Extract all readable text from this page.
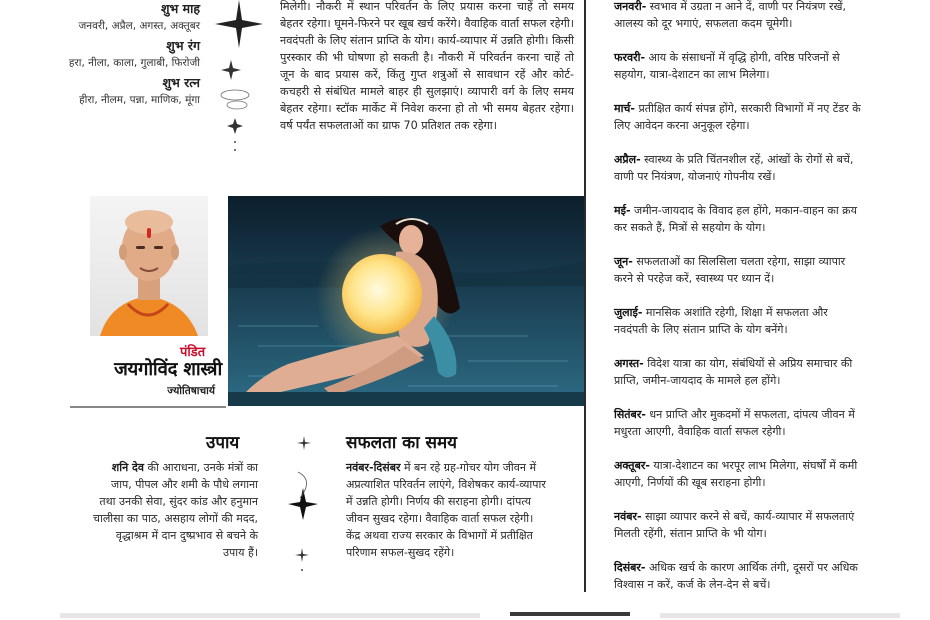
शुभ माह
जनवरी, अप्रैल, अगस्त, अक्तूबर
शुभ रंग
हरा, नीला, काला, गुलाबी, फिरोजी
शुभ रत्न
हीरा, नीलम, पन्ना, माणिक, मूंगा
मिलेगी। नौकरी में स्थान परिवर्तन के लिए प्रयास करना चाहें तो समय बेहतर रहेगा। घूमने-फिरने पर खूब खर्च करेंगे। वैवाहिक वार्ता सफल रहेगी। नवदंपती के लिए संतान प्राप्ति के योग। कार्य-व्यापार में उन्नति होगी। किसी पुरस्कार की भी घोषणा हो सकती है। नौकरी में परिवर्तन करना चाहें तो जून के बाद प्रयास करें, किंतु गुप्त शत्रुओं से सावधान रहें और कोर्ट-कचहरी से संबंधित मामले बाहर ही सुलझाएं। व्यापारी वर्ग के लिए समय बेहतर रहेगा। स्टॉक मार्केट में निवेश करना हो तो भी समय बेहतर रहेगा। वर्ष पर्यंत सफलताओं का ग्राफ 70 प्रतिशत तक रहेगा।
जनवरी- स्वभाव में उग्रता न आने दें, वाणी पर नियंत्रण रखें, आलस्य को दूर भगाएं, सफलता कदम चूमेगी।
फरवरी- आय के संसाधनों में वृद्धि होगी, वरिष्ठ परिजनों से सहयोग, यात्रा-देशाटन का लाभ मिलेगा।
मार्च- प्रतीक्षित कार्य संपन्न होंगे, सरकारी विभागों में नए टेंडर के लिए आवेदन करना अनुकूल रहेगा।
अप्रैल- स्वास्थ्य के प्रति चिंतनशील रहें, आंखों के रोगों से बचें, वाणी पर नियंत्रण, योजनाएं गोपनीय रखें।
मई- जमीन-जायदाद के विवाद हल होंगे, मकान-वाहन का क्रय कर सकते हैं, मित्रों से सहयोग के योग।
जून- सफलताओं का सिलसिला चलता रहेगा, साझा व्यापार करने से परहेज करें, स्वास्थ्य पर ध्यान दें।
जुलाई- मानसिक अशांति रहेगी, शिक्षा में सफलता और नवदंपती के लिए संतान प्राप्ति के योग बनेंगे।
अगस्त- विदेश यात्रा का योग, संबंधियों से अप्रिय समाचार की प्राप्ति, जमीन-जायदाद के मामले हल होंगे।
सितंबर- धन प्राप्ति और मुकदमों में सफलता, दांपत्य जीवन में मधुरता आएगी, वैवाहिक वार्ता सफल रहेगी।
अक्तूबर- यात्रा-देशाटन का भरपूर लाभ मिलेगा, संघर्षों में कमी आएगी, निर्णयों की खूब सराहना होगी।
नवंबर- साझा व्यापार करने से बचें, कार्य-व्यापार में सफलताएं मिलती रहेंगी, संतान प्राप्ति के भी योग।
दिसंबर- अधिक खर्च के कारण आर्थिक तंगी, दूसरों पर अधिक विश्वास न करें, कर्ज के लेन-देन से बचें।
पंडित
जयगोविंद शास्त्री
ज्योतिषाचार्य
उपाय
शनि देव की आराधना, उनके मंत्रों का जाप, पीपल और शमी के पौधे लगाना तथा उनकी सेवा, सुंदर कांड और हनुमान चालीसा का पाठ, असहाय लोगों की मदद, वृद्धाश्रम में दान दुष्प्रभाव से बचने के उपाय हैं।
सफलता का समय
नवंबर-दिसंबर में बन रहे ग्रह-गोचर योग जीवन में अप्रत्याशित परिवर्तन लाएंगे, विशेषकर कार्य-व्यापार में उन्नति होगी। निर्णय की सराहना होगी। दांपत्य जीवन सुखद रहेगा। वैवाहिक वार्ता सफल रहेगी। केंद्र अथवा राज्य सरकार के विभागों में प्रतीक्षित परिणाम सफल-सुखद रहेंगे।
